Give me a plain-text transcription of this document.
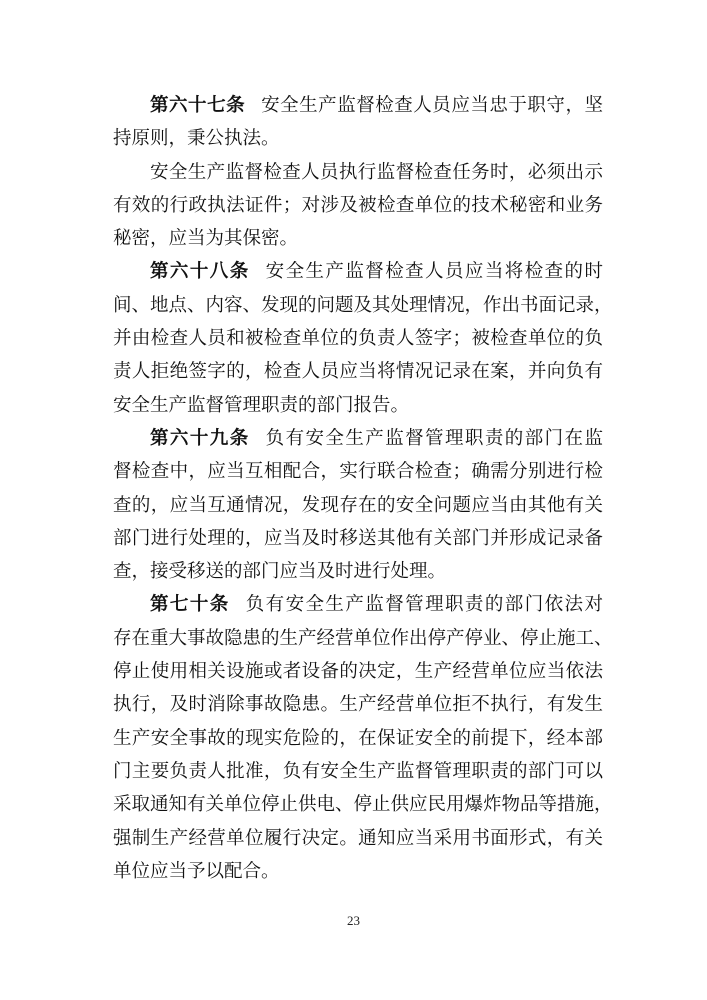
第六十七条 安全生产监督检查人员应当忠于职守，坚
持原则，秉公执法。
安全生产监督检查人员执行监督检查任务时，必须出示
有效的行政执法证件；对涉及被检查单位的技术秘密和业务
秘密，应当为其保密。
第六十八条 安全生产监督检查人员应当将检查的时
间、地点、内容、发现的问题及其处理情况，作出书面记录，
并由检查人员和被检查单位的负责人签字；被检查单位的负
责人拒绝签字的，检查人员应当将情况记录在案，并向负有
安全生产监督管理职责的部门报告。
第六十九条 负有安全生产监督管理职责的部门在监
督检查中，应当互相配合，实行联合检查；确需分别进行检
查的，应当互通情况，发现存在的安全问题应当由其他有关
部门进行处理的，应当及时移送其他有关部门并形成记录备
查，接受移送的部门应当及时进行处理。
第七十条 负有安全生产监督管理职责的部门依法对
存在重大事故隐患的生产经营单位作出停产停业、停止施工、
停止使用相关设施或者设备的决定，生产经营单位应当依法
执行，及时消除事故隐患。生产经营单位拒不执行，有发生
生产安全事故的现实危险的，在保证安全的前提下，经本部
门主要负责人批准，负有安全生产监督管理职责的部门可以
采取通知有关单位停止供电、停止供应民用爆炸物品等措施，
强制生产经营单位履行决定。通知应当采用书面形式，有关
单位应当予以配合。
23
